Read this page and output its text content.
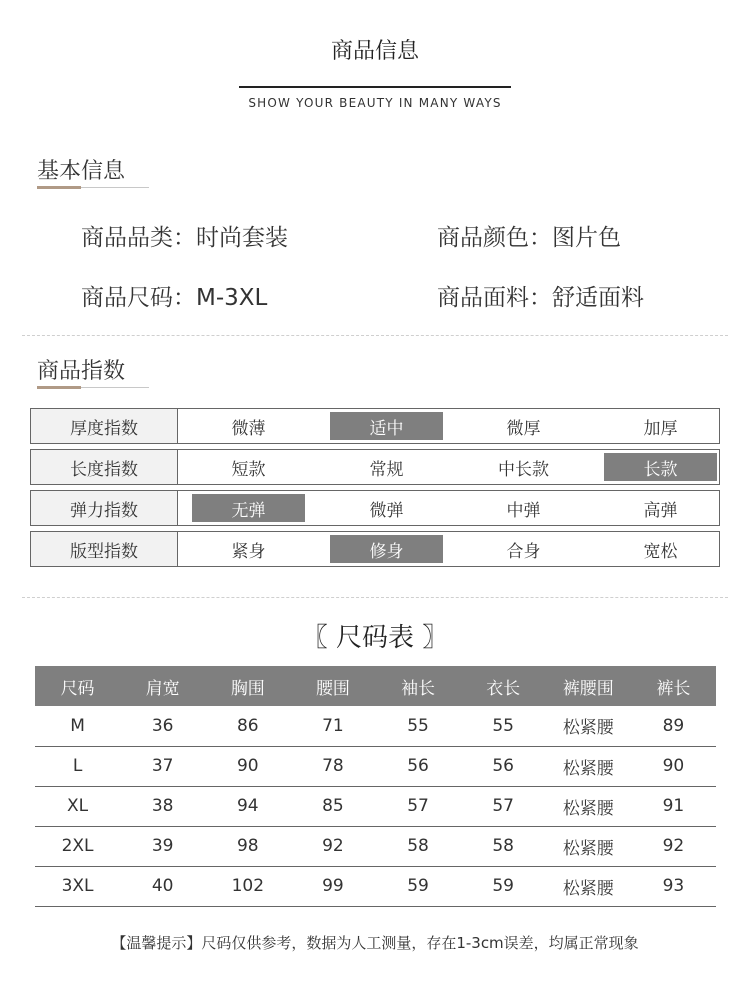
商品信息
SHOW YOUR BEAUTY IN MANY WAYS
基本信息
商品品类：时尚套装	商品颜色：图片色
商品尺码：M-3XL	商品面料：舒适面料
商品指数
厚度指数	微薄	适中	微厚	加厚
长度指数	短款	常规	中长款	长款
弹力指数	无弹	微弹	中弹	高弹
版型指数	紧身	修身	合身	宽松
〖 尺码表 〗
尺码	肩宽	胸围	腰围	袖长	衣长	裤腰围	裤长
M	36	86	71	55	55	松紧腰	89
L	37	90	78	56	56	松紧腰	90
XL	38	94	85	57	57	松紧腰	91
2XL	39	98	92	58	58	松紧腰	92
3XL	40	102	99	59	59	松紧腰	93
【温馨提示】尺码仅供参考，数据为人工测量，存在1-3cm误差，均属正常现象
